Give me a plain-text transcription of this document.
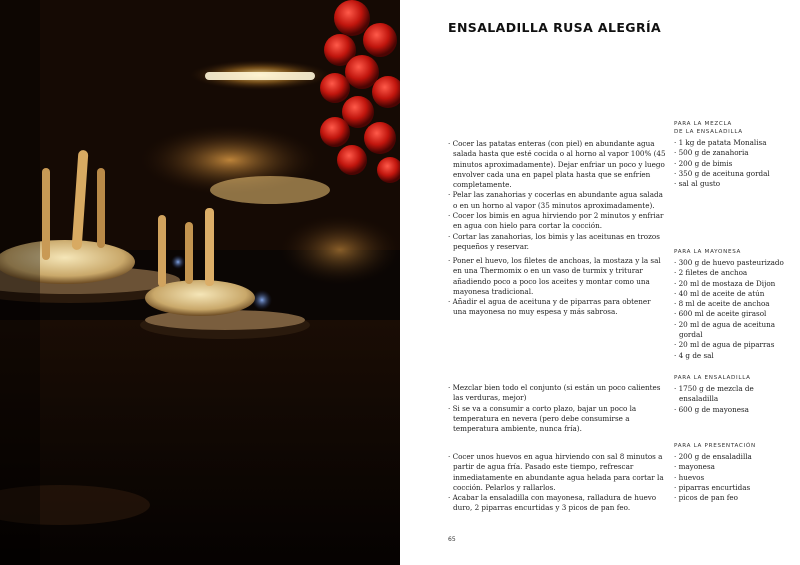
ENSALADILLA RUSA ALEGRÍA
· Cocer las patatas enteras (con piel) en abundante agua salada hasta que esté cocida o al horno al vapor 100% (45 minutos aproximadamente). Dejar enfriar un poco y luego envolver cada una en papel plata hasta que se enfríen completamente.
· Pelar las zanahorias y cocerlas en abundante agua salada o en un horno al vapor (35 minutos aproximadamente).
· Cocer los bimis en agua hirviendo por 2 minutos y enfriar en agua con hielo para cortar la cocción.
· Cortar las zanahorias, los bimis y las aceitunas en trozos pequeños y reservar.
PARA LA MEZCLA
DE LA ENSALADILLA
· 1 kg de patata Monalisa
· 500 g de zanahoria
· 200 g de bimis
· 350 g de aceituna gordal
· sal al gusto
· Poner el huevo, los filetes de anchoas, la mostaza y la sal en una Thermomix o en un vaso de turmix y triturar añadiendo poco a poco los aceites y montar como una mayonesa tradicional.
· Añadir el agua de aceituna y de piparras para obtener una mayonesa no muy espesa y más sabrosa.
PARA LA MAYONESA
· 300 g de huevo pasteurizado
· 2 filetes de anchoa
· 20 ml de mostaza de Dijon
· 40 ml de aceite de atún
· 8 ml de aceite de anchoa
· 600 ml de aceite girasol
· 20 ml de agua de aceituna gordal
· 20 ml de agua de piparras
· 4 g de sal
· Mezclar bien todo el conjunto (si están un poco calientes las verduras, mejor)
· Si se va a consumir a corto plazo, bajar un poco la temperatura en nevera (pero debe consumirse a temperatura ambiente, nunca fría).
PARA LA ENSALADILLA
· 1750 g de mezcla de ensaladilla
· 600 g de mayonesa
· Cocer unos huevos en agua hirviendo con sal 8 minutos a partir de agua fría. Pasado este tiempo, refrescar inmediatamente en abundante agua helada para cortar la cocción. Pelarlos y rallarlos.
· Acabar la ensaladilla con mayonesa, ralladura de huevo duro, 2 piparras encurtidas y 3 picos de pan feo.
PARA LA PRESENTACIÓN
· 200 g de ensaladilla
· mayonesa
· huevos
· piparras encurtidas
· picos de pan feo
65
